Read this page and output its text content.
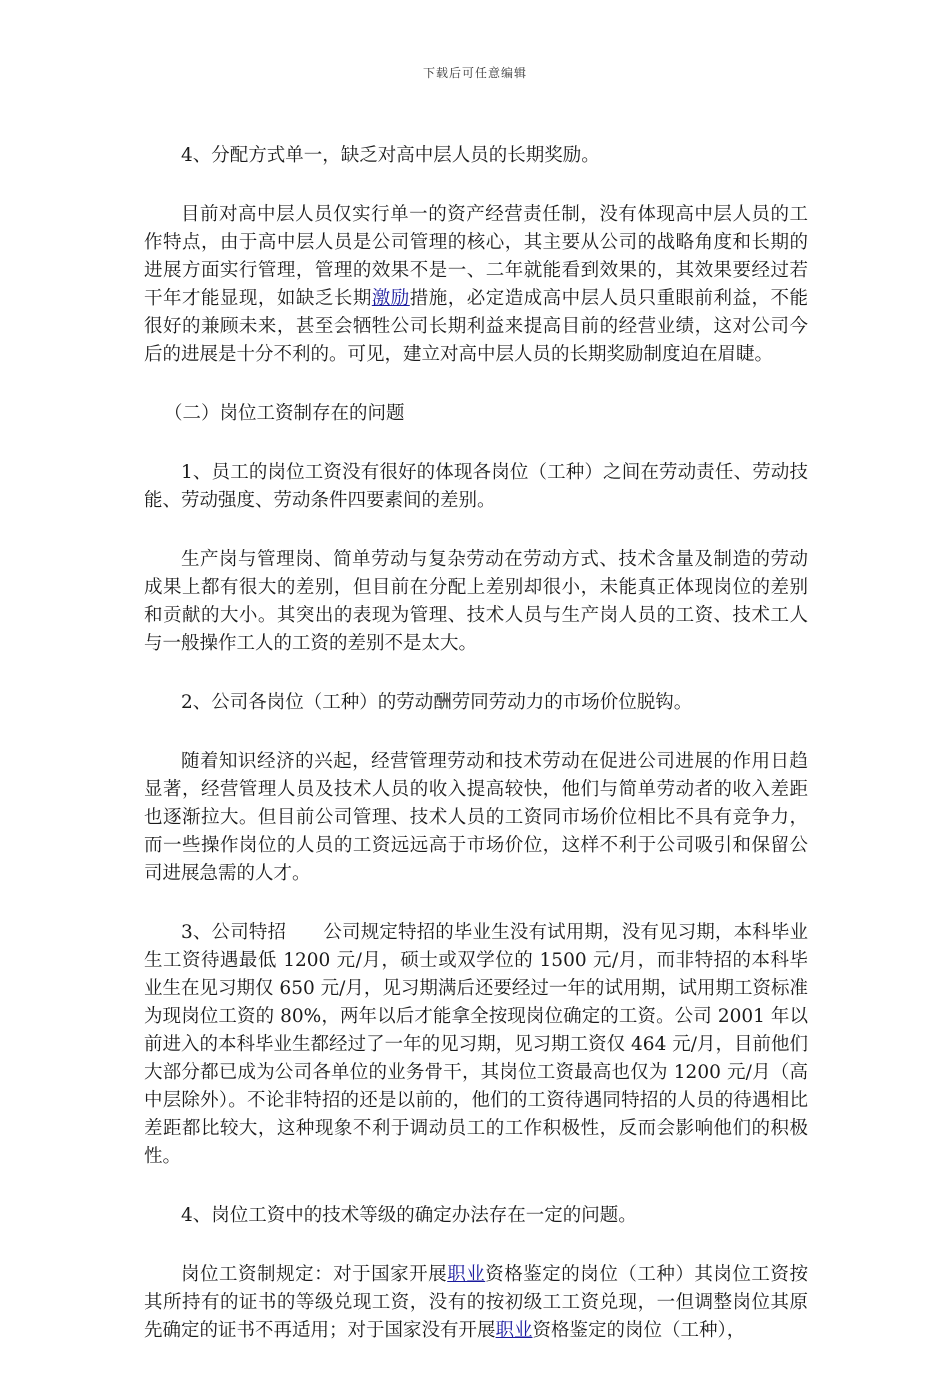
下载后可任意编辑

4、分配方式单一，缺乏对高中层人员的长期奖励。

目前对高中层人员仅实行单一的资产经营责任制，没有体现高中层人员的工作特点，由于高中层人员是公司管理的核心，其主要从公司的战略角度和长期的进展方面实行管理，管理的效果不是一、二年就能看到效果的，其效果要经过若干年才能显现，如缺乏长期激励措施，必定造成高中层人员只重眼前利益，不能很好的兼顾未来，甚至会牺牲公司长期利益来提高目前的经营业绩，这对公司今后的进展是十分不利的。可见，建立对高中层人员的长期奖励制度迫在眉睫。

（二）岗位工资制存在的问题

1、员工的岗位工资没有很好的体现各岗位（工种）之间在劳动责任、劳动技能、劳动强度、劳动条件四要素间的差别。

生产岗与管理岗、简单劳动与复杂劳动在劳动方式、技术含量及制造的劳动成果上都有很大的差别，但目前在分配上差别却很小，未能真正体现岗位的差别和贡献的大小。其突出的表现为管理、技术人员与生产岗人员的工资、技术工人与一般操作工人的工资的差别不是太大。

2、公司各岗位（工种）的劳动酬劳同劳动力的市场价位脱钩。

随着知识经济的兴起，经营管理劳动和技术劳动在促进公司进展的作用日趋显著，经营管理人员及技术人员的收入提高较快，他们与简单劳动者的收入差距也逐渐拉大。但目前公司管理、技术人员的工资同市场价位相比不具有竞争力，而一些操作岗位的人员的工资远远高于市场价位，这样不利于公司吸引和保留公司进展急需的人才。

3、公司特招　　公司规定特招的毕业生没有试用期，没有见习期，本科毕业生工资待遇最低 1200 元/月，硕士或双学位的 1500 元/月，而非特招的本科毕业生在见习期仅 650 元/月，见习期满后还要经过一年的试用期，试用期工资标准为现岗位工资的 80%，两年以后才能拿全按现岗位确定的工资。公司 2001 年以前进入的本科毕业生都经过了一年的见习期，见习期工资仅 464 元/月，目前他们大部分都已成为公司各单位的业务骨干，其岗位工资最高也仅为 1200 元/月（高中层除外）。不论非特招的还是以前的，他们的工资待遇同特招的人员的待遇相比差距都比较大，这种现象不利于调动员工的工作积极性，反而会影响他们的积极性。

4、岗位工资中的技术等级的确定办法存在一定的问题。

岗位工资制规定：对于国家开展职业资格鉴定的岗位（工种）其岗位工资按其所持有的证书的等级兑现工资，没有的按初级工工资兑现，一但调整岗位其原先确定的证书不再适用；对于国家没有开展职业资格鉴定的岗位（工种），
